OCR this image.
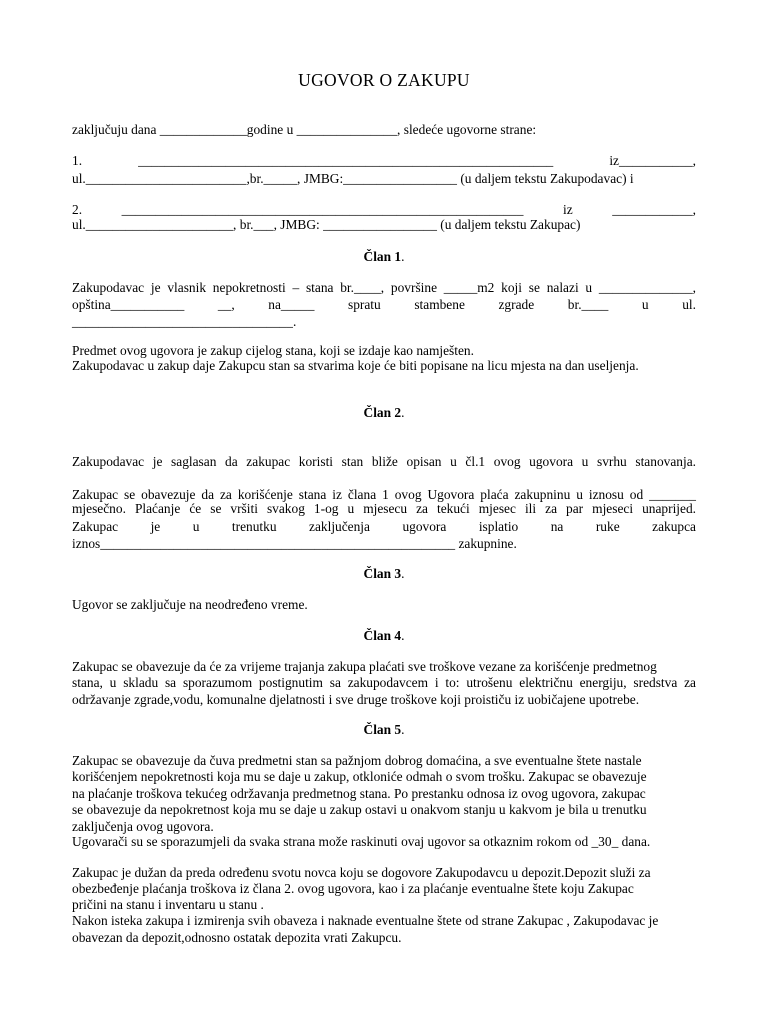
UGOVOR O ZAKUPU
zaključuju dana _____________godine u _______________, sledeće ugovorne strane:
1. ______________________________________________________________ iz___________,
ul.________________________,br._____, JMBG:_________________ (u daljem tekstu Zakupodavac) i
2. ____________________________________________________________ iz ____________,
ul.______________________, br.___, JMBG: _________________ (u daljem tekstu Zakupac)
Član 1.
Zakupodavac je vlasnik nepokretnosti – stana br.____, površine _____m2 koji se nalazi u ______________,
opština___________ __, na_____ spratu stambene zgrade br.____ u ul.
_________________________________.
Predmet ovog ugovora je zakup cijelog stana, koji se izdaje kao namješten.
Zakupodavac u zakup daje Zakupcu stan sa stvarima koje će biti popisane na licu mjesta na dan useljenja.
Član 2.
Zakupodavac je saglasan da zakupac koristi stan bliže opisan u čl.1 ovog ugovora u svrhu stanovanja.
Zakupac se obavezuje da za korišćenje stana iz člana 1 ovog Ugovora plaća zakupninu u iznosu od _______
mjesečno. Plaćanje će se vršiti svakog 1-og u mjesecu za tekući mjesec ili za par mjeseci unaprijed.
Zakupac je u trenutku zaključenja ugovora isplatio na ruke zakupca
iznos_____________________________________________________ zakupnine.
Član 3.
Ugovor se zaključuje na neodređeno vreme.
Član 4.
Zakupac se obavezuje da će za vrijeme trajanja zakupa plaćati sve troškove vezane za korišćenje predmetnog
stana, u skladu sa sporazumom postignutim sa zakupodavcem i to: utrošenu električnu energiju, sredstva za
održavanje zgrade,vodu, komunalne djelatnosti i sve druge troškove koji proističu iz uobičajene upotrebe.
Član 5.
Zakupac se obavezuje da čuva predmetni stan sa pažnjom dobrog domaćina, a sve eventualne štete nastale
korišćenjem nepokretnosti koja mu se daje u zakup, otkloniće odmah o svom trošku. Zakupac se obavezuje
na plaćanje troškova tekućeg održavanja predmetnog stana. Po prestanku odnosa iz ovog ugovora, zakupac
se obavezuje da nepokretnost koja mu se daje u zakup ostavi u onakvom stanju u kakvom je bila u trenutku
zaključenja ovog ugovora.
Ugovarači su se sporazumjeli da svaka strana može raskinuti ovaj ugovor sa otkaznim rokom od _30_ dana.
Zakupac je dužan da preda određenu svotu novca koju se dogovore Zakupodavcu u depozit.Depozit služi za
obezbeđenje plaćanja troškova iz člana 2. ovog ugovora, kao i za plaćanje eventualne štete koju Zakupac
pričini na stanu i inventaru u stanu .
Nakon isteka zakupa i izmirenja svih obaveza i naknade eventualne štete od strane Zakupac , Zakupodavac je
obavezan da depozit,odnosno ostatak depozita vrati Zakupcu.
